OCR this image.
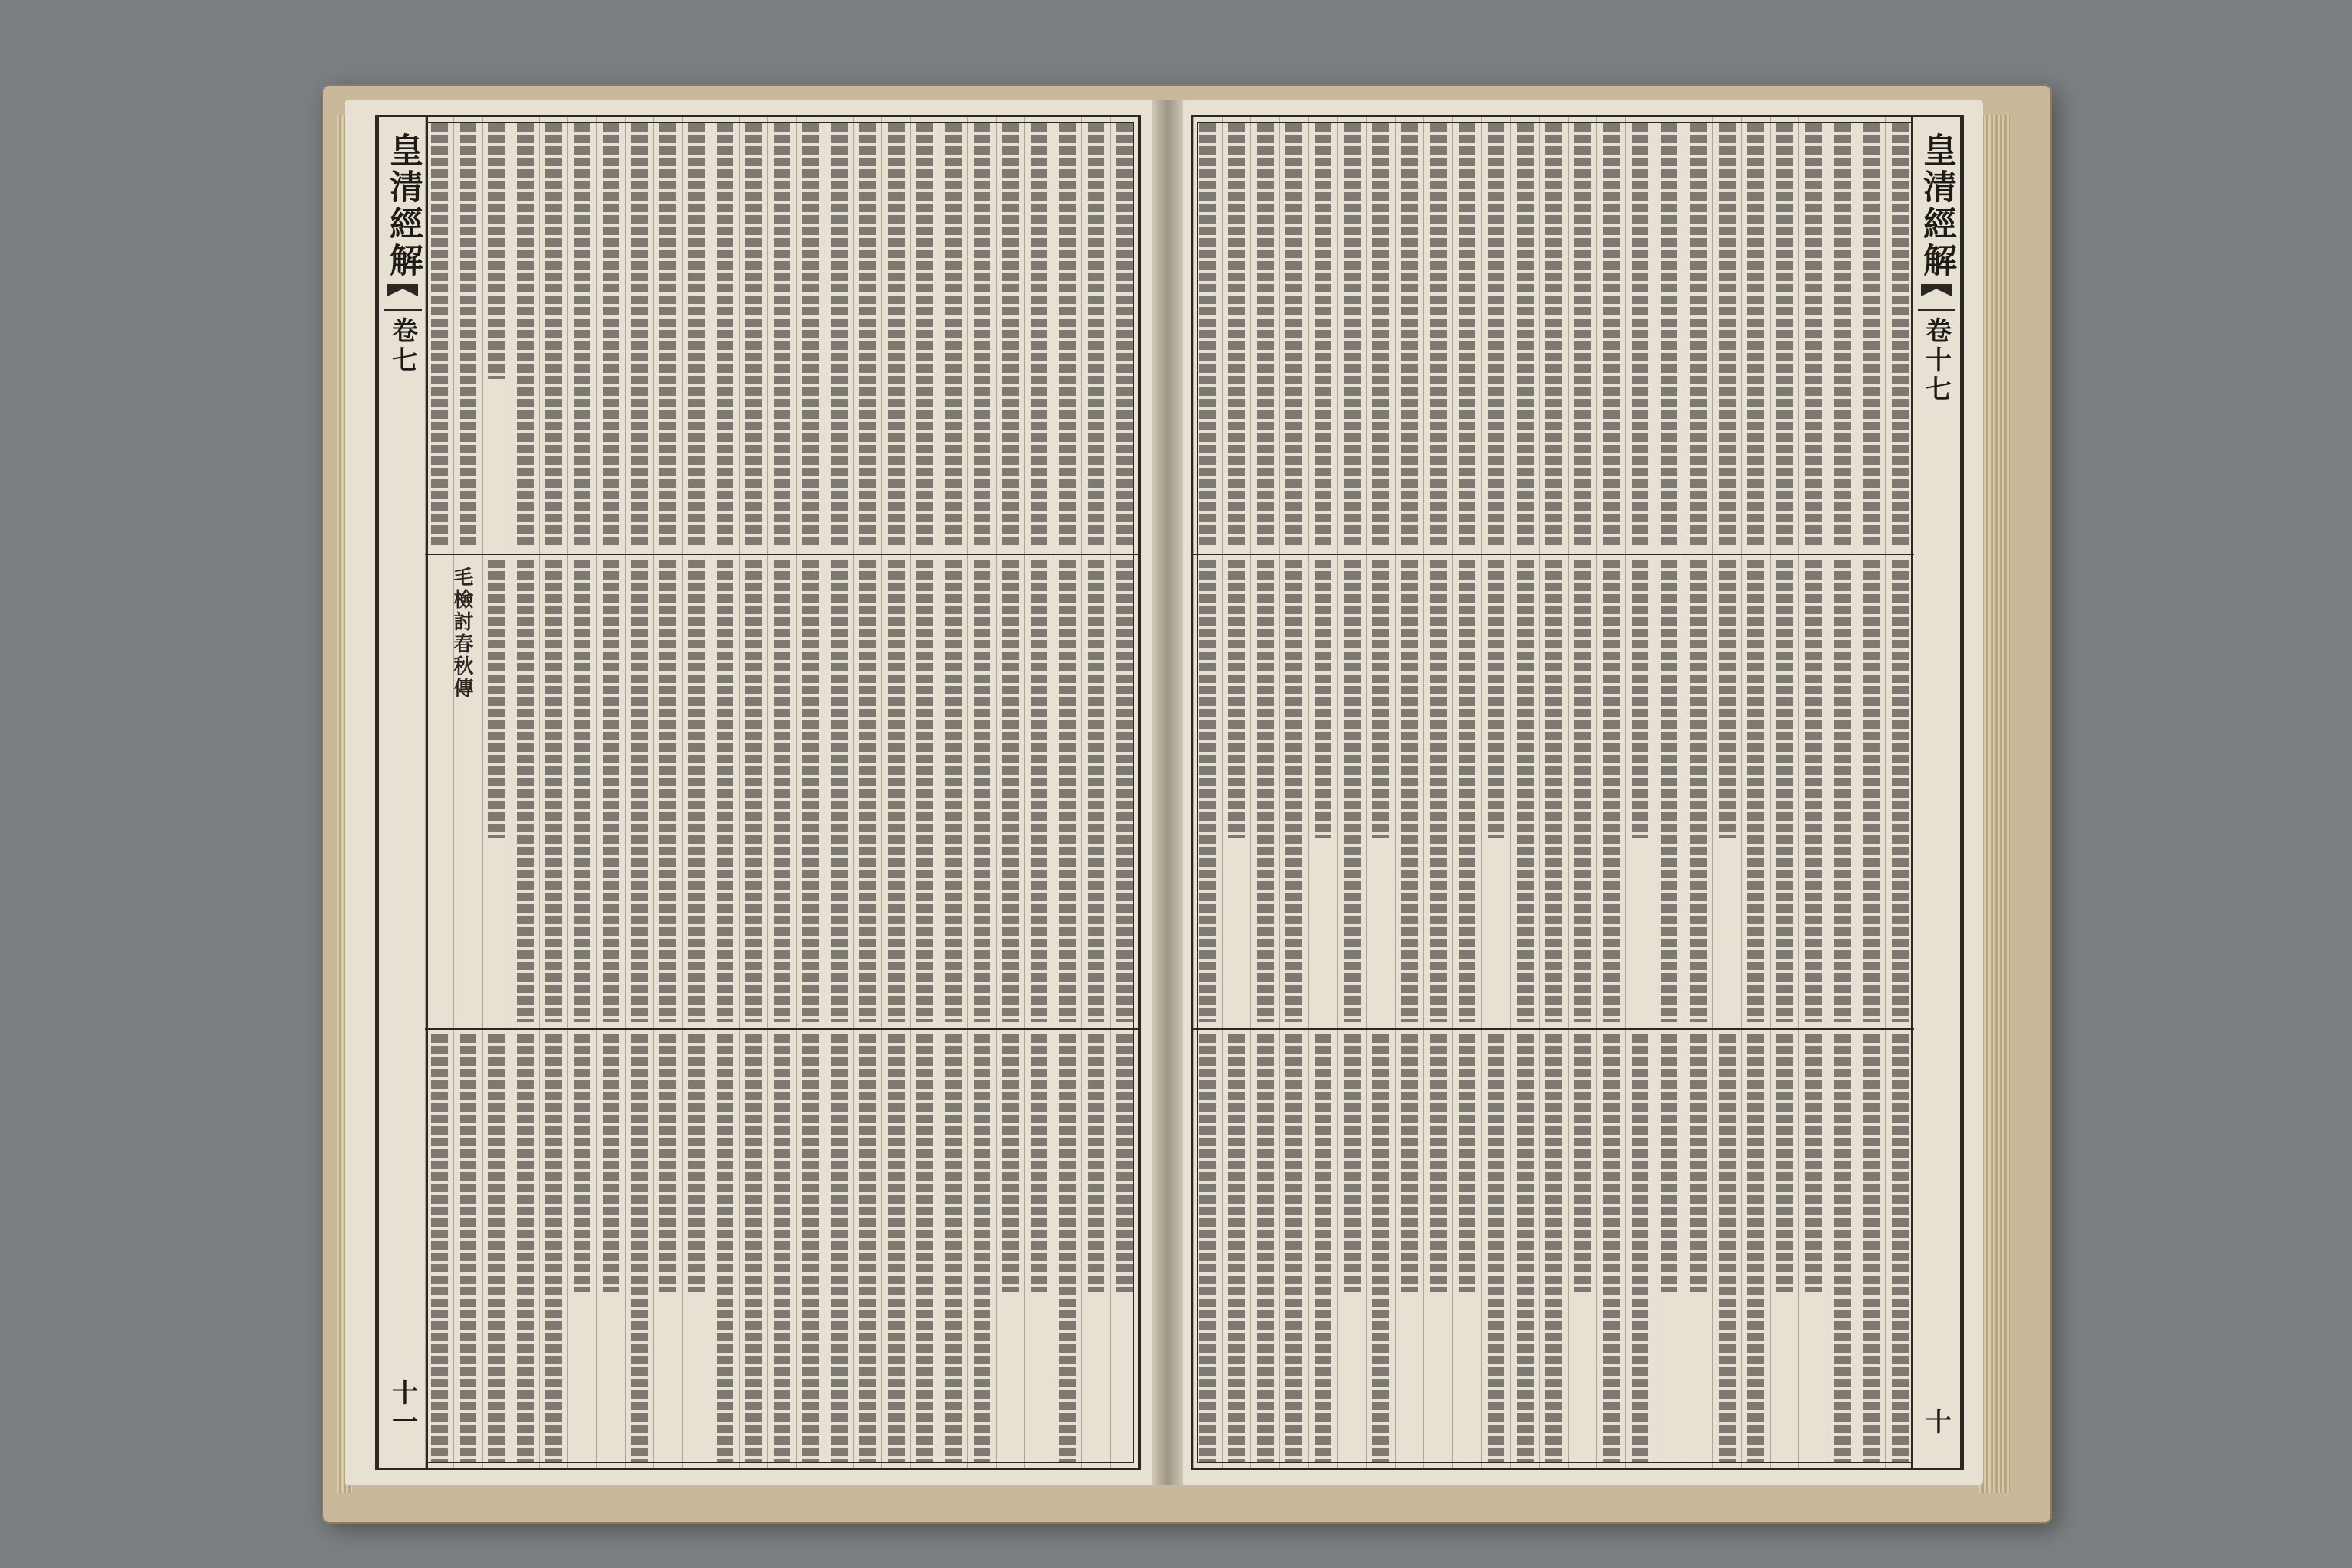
皇清經解
卷七
十一
毛檢討春秋傳
皇清經解
卷十七
十
